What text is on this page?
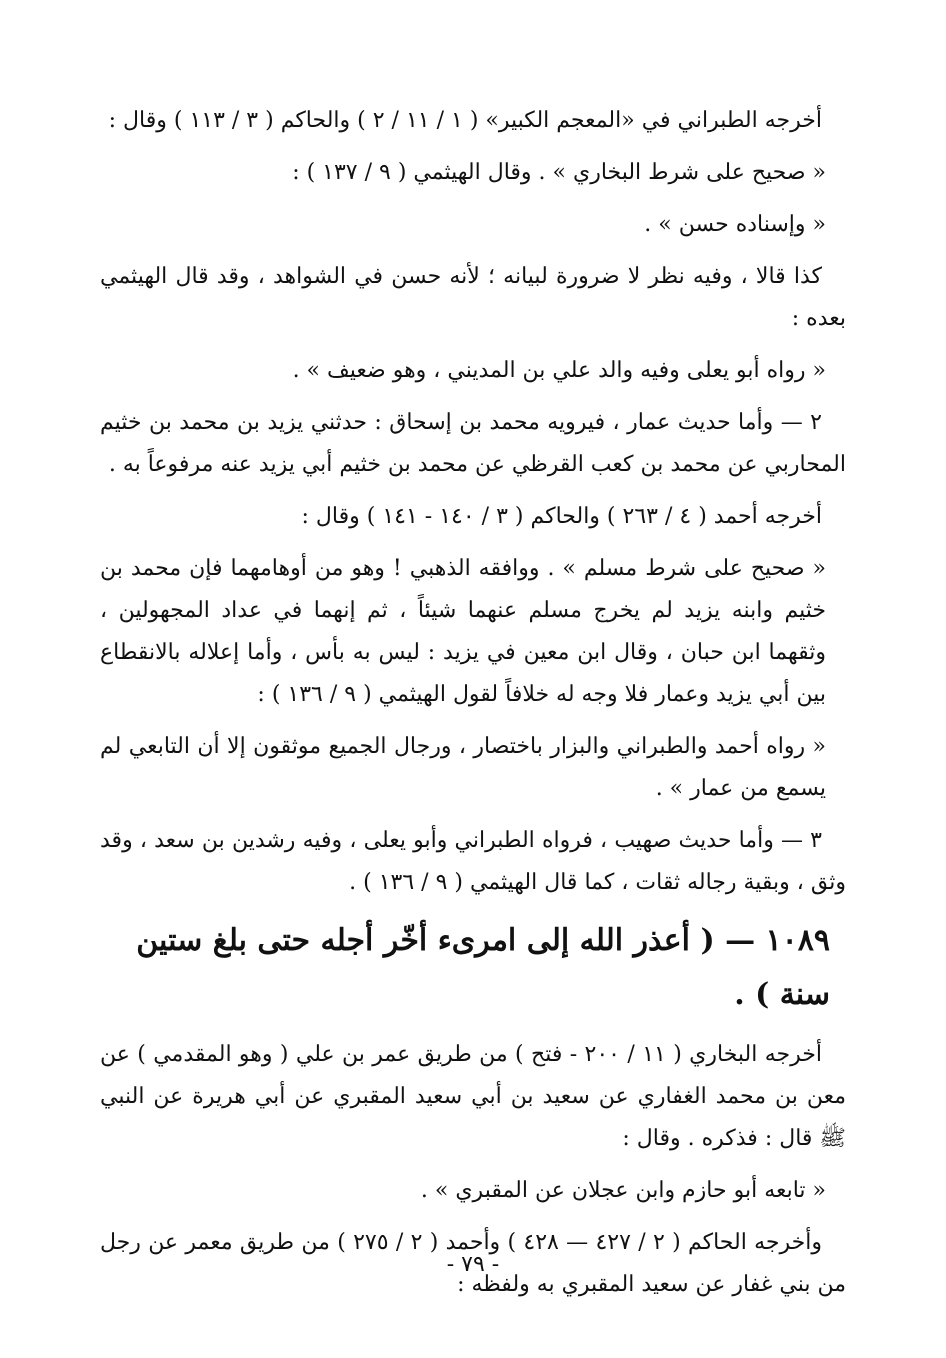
أخرجه الطبراني في «المعجم الكبير» ( ١ / ١١ / ٢ ) والحاكم ( ٣ / ١١٣ ) وقال :

« صحيح على شرط البخاري » . وقال الهيثمي ( ٩ / ١٣٧ ) :

« وإسناده حسن » .

كذا قالا ، وفيه نظر لا ضرورة لبيانه ؛ لأنه حسن في الشواهد ، وقد قال الهيثمي بعده :

« رواه أبو يعلى وفيه والد علي بن المديني ، وهو ضعيف » .

٢ — وأما حديث عمار ، فيرويه محمد بن إسحاق : حدثني يزيد بن محمد بن خثيم المحاربي عن محمد بن كعب القرظي عن محمد بن خثيم أبي يزيد عنه مرفوعاً به .

أخرجه أحمد ( ٤ / ٢٦٣ ) والحاكم ( ٣ / ١٤٠ - ١٤١ ) وقال :

« صحيح على شرط مسلم » . ووافقه الذهبي ! وهو من أوهامهما فإن محمد بن خثيم وابنه يزيد لم يخرج مسلم عنهما شيئاً ، ثم إنهما في عداد المجهولين ، وثقهما ابن حبان ، وقال ابن معين في يزيد : ليس به بأس ، وأما إعلاله بالانقطاع بين أبي يزيد وعمار فلا وجه له خلافاً لقول الهيثمي ( ٩ / ١٣٦ ) :

« رواه أحمد والطبراني والبزار باختصار ، ورجال الجميع موثقون إلا أن التابعي لم يسمع من عمار » .

٣ — وأما حديث صهيب ، فرواه الطبراني وأبو يعلى ، وفيه رشدين بن سعد ، وقد وثق ، وبقية رجاله ثقات ، كما قال الهيثمي ( ٩ / ١٣٦ ) .

١٠٨٩ — ( أعذر الله إلى امرىء أخّر أجله حتى بلغ ستين سنة ) .

أخرجه البخاري ( ١١ / ٢٠٠ - فتح ) من طريق عمر بن علي ( وهو المقدمي ) عن معن بن محمد الغفاري عن سعيد بن أبي سعيد المقبري عن أبي هريرة عن النبي ﷺ قال : فذكره . وقال :

« تابعه أبو حازم وابن عجلان عن المقبري » .

وأخرجه الحاكم ( ٢ / ٤٢٧ — ٤٢٨ ) وأحمد ( ٢ / ٢٧٥ ) من طريق معمر عن رجل من بني غفار عن سعيد المقبري به ولفظه :

- ٧٩ -
